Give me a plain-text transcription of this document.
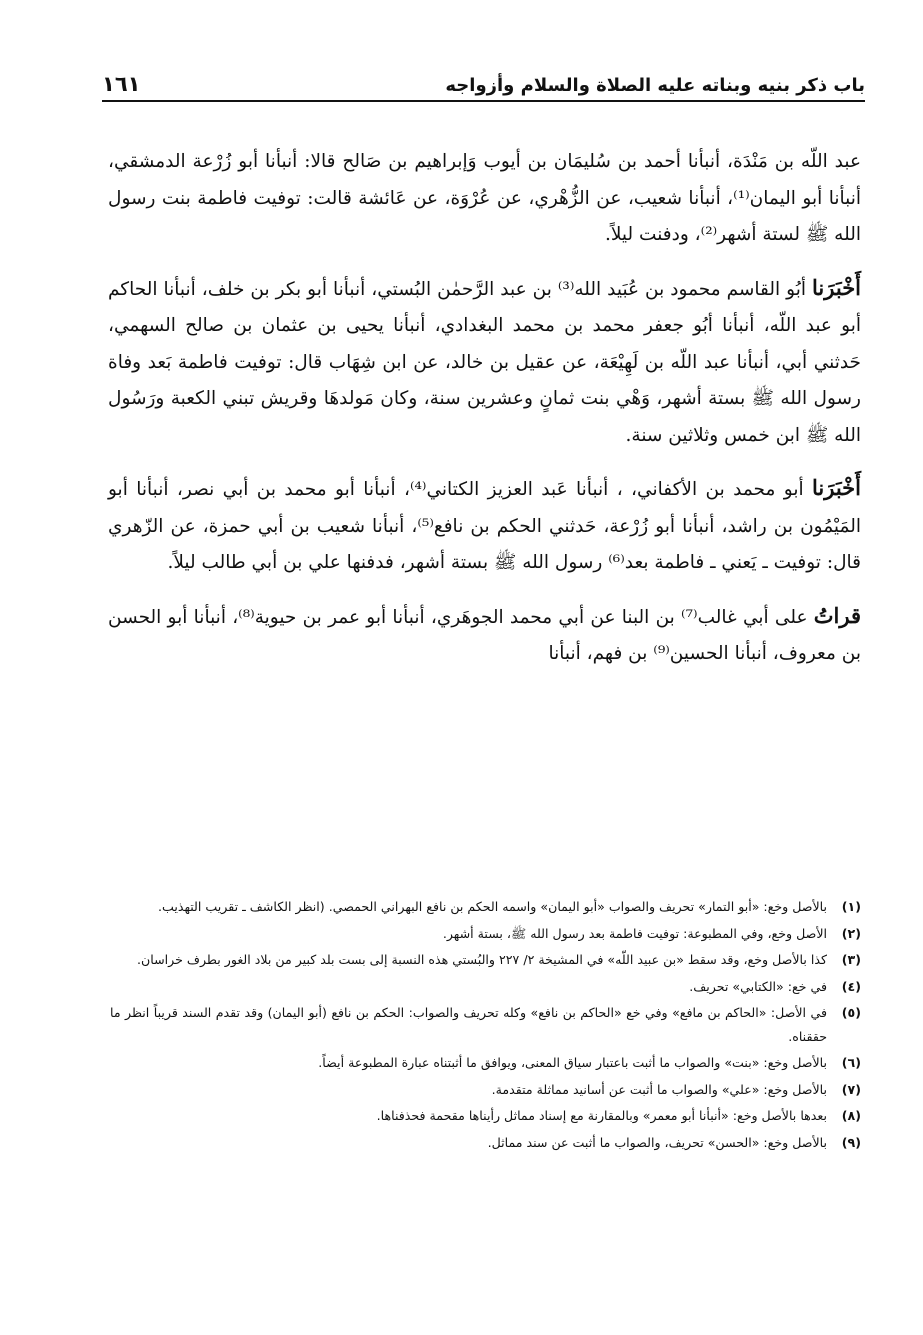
باب ذكر بنيه وبناته عليه الصلاة والسلام وأزواجه
١٦١

عبد اللّه بن مَنْدَة، أنبأنا أحمد بن سُليمَان بن أيوب وَإبراهيم بن صَالح قالا: أنبأنا أبو زُرْعة الدمشقي، أنبأنا أبو اليمان⁽¹⁾، أنبأنا شعيب، عن الزُّهْري، عن عُرْوَة، عن عَائشة قالت: توفيت فاطمة بنت رسول الله ﷺ لستة أشهر⁽²⁾، ودفنت ليلاً.

أَخْبَرَنا أبُو القاسم محمود بن عُبَيد الله⁽³⁾ بن عبد الرَّحمٰن البُستي، أنبأنا أبو بكر بن خلف، أنبأنا الحاكم أبو عبد اللّه، أنبأنا أبُو جعفر محمد بن محمد البغدادي، أنبأنا يحيى بن عثمان بن صالح السهمي، حَدثني أبي، أنبأنا عبد اللّه بن لَهِيْعَة، عن عقيل بن خالد، عن ابن شِهَاب قال: توفيت فاطمة بَعد وفاة رسول الله ﷺ بستة أشهر، وَهْي بنت ثمانٍ وعشرين سنة، وكان مَولدهَا وقريش تبني الكعبة ورَسُول الله ﷺ ابن خمس وثلاثين سنة.

أَخْبَرَنا أبو محمد بن الأكفاني، ، أنبأنا عَبد العزيز الكتاني⁽⁴⁾، أنبأنا أبو محمد بن أبي نصر، أنبأنا أبو المَيْمُون بن راشد، أنبأنا أبو زُرْعة، حَدثني الحكم بن نافع⁽⁵⁾، أنبأنا شعيب بن أبي حمزة، عن الزّهري قال: توفيت ـ يَعني ـ فاطمة بعد⁽⁶⁾ رسول الله ﷺ بستة أشهر، فدفنها علي بن أبي طالب ليلاً.

قراتُ على أبي غالب⁽⁷⁾ بن البنا عن أبي محمد الجوهَري، أنبأنا أبو عمر بن حيوية⁽⁸⁾، أنبأنا أبو الحسن بن معروف، أنبأنا الحسين⁽⁹⁾ بن فهم، أنبأنا

(١)
بالأصل وخع: «أبو التمار» تحريف والصواب «أبو اليمان» واسمه الحكم بن نافع البهراني الحمصي. (انظر الكاشف ـ تقريب التهذيب.
(٢)
الأصل وخع، وفي المطبوعة: توفيت فاطمة بعد رسول الله ﷺ، بستة أشهر.
(٣)
كذا بالأصل وخع، وقد سقط «بن عبيد اللّه» في المشيخة ٢/ ٢٢٧ والبُستي هذه النسبة إلى بست بلد كبير من بلاد الغور بطرف خراسان.
(٤)
في خع: «الكتابي» تحريف.
(٥)
في الأصل: «الحاكم بن مافع» وفي خع «الحاكم بن نافع» وكله تحريف والصواب: الحكم بن نافع (أبو اليمان) وقد تقدم السند قريباً انظر ما حققناه.
(٦)
بالأصل وخع: «بنت» والصواب ما أثبت باعتبار سياق المعنى، ويوافق ما أثبتناه عبارة المطبوعة أيضاً.
(٧)
بالأصل وخع: «علي» والصواب ما أثبت عن أسانيد مماثلة متقدمة.
(٨)
بعدها بالأصل وخع: «أنبأنا أبو معمر» وبالمقارنة مع إسناد مماثل رأيناها مقحمة فحذفناها.
(٩)
بالأصل وخع: «الحسن» تحريف، والصواب ما أثبت عن سند مماثل.
